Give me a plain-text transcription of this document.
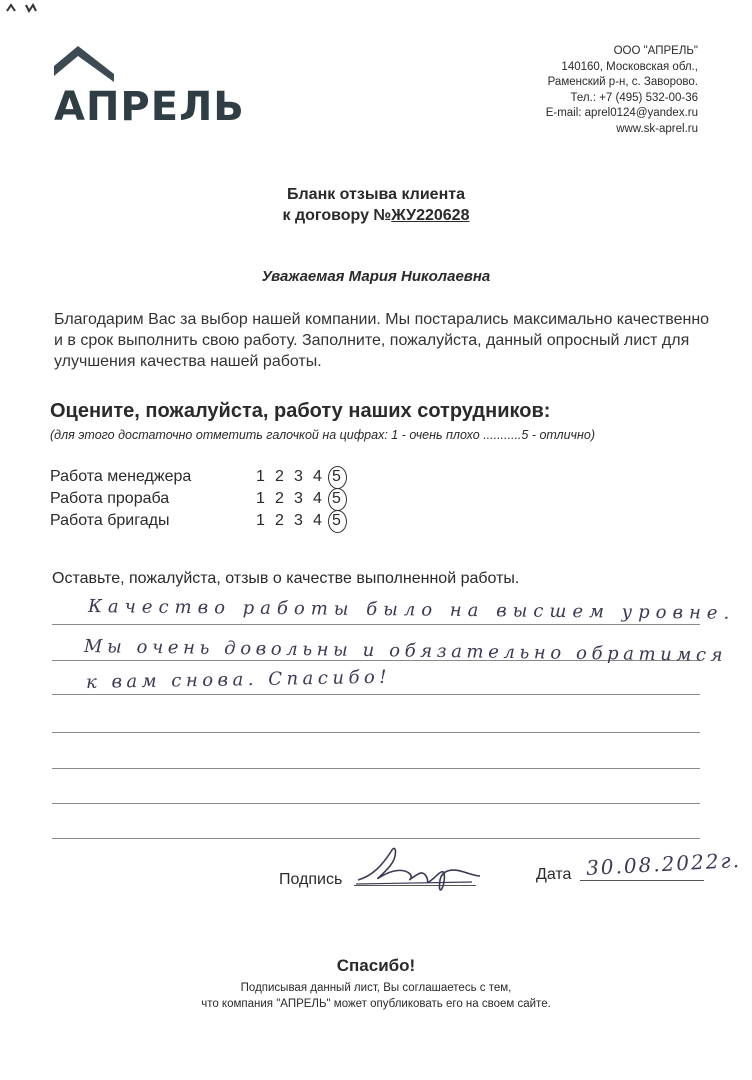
АПРЕЛЬ
ООО "АПРЕЛЬ"
140160, Московская обл.,
Раменский р-н, с. Заворово.
Тел.: +7 (495) 532-00-36
E-mail: aprel0124@yandex.ru
www.sk-aprel.ru
Бланк отзыва клиента
к договору №ЖУ220628
Уважаемая Мария Николаевна
Благодарим Вас за выбор нашей компании. Мы постарались максимально качественно и в срок выполнить свою работу. Заполните, пожалуйста, данный опросный лист для улучшения качества нашей работы.
Оцените, пожалуйста, работу наших сотрудников:
(для этого достаточно отметить галочкой на цифрах: 1 - очень плохо ...........5 - отлично)
Работа менеджера	1 2 3 4 5
Работа прораба	1 2 3 4 5
Работа бригады	1 2 3 4 5
Оставьте, пожалуйста, отзыв о качестве выполненной работы.
Качество работы было на высшем уровне.
Мы очень довольны и обязательно обратимся
к вам снова. Спасибо!
Подпись	Дата 30.08.2022г.
Спасибо!
Подписывая данный лист, Вы соглашаетесь с тем,
что компания "АПРЕЛЬ" может опубликовать его на своем сайте.
